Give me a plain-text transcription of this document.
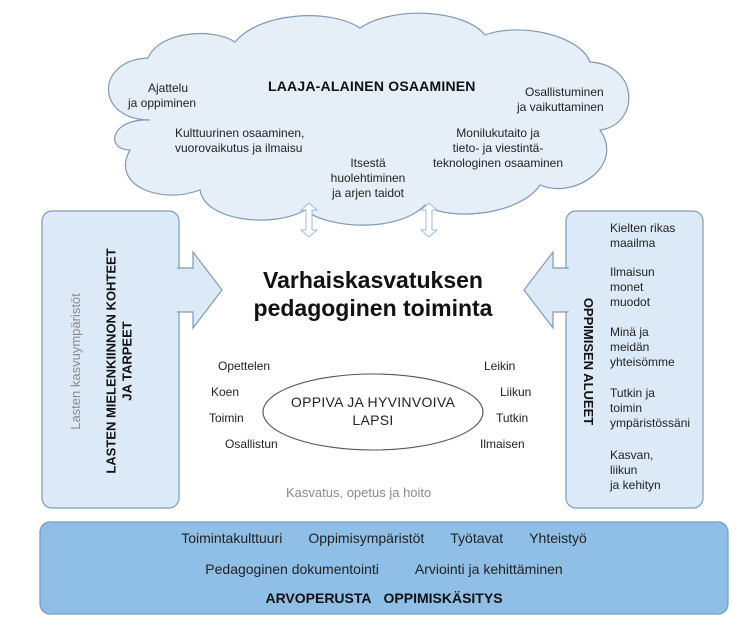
LAAJA-ALAINEN OSAAMINEN
Ajattelu
ja oppiminen
Osallistuminen
ja vaikuttaminen
Kulttuurinen osaaminen,
vuorovaikutus ja ilmaisu
Monilukutaito ja
tieto- ja viestintä-
teknologinen osaaminen
Itsestä
huolehtiminen
ja arjen taidot
Varhaiskasvatuksen
pedagoginen toiminta
OPPIVA JA HYVINVOIVA
LAPSI
Opettelen
Koen
Toimin
Osallistun
Leikin
Liikun
Tutkin
Ilmaisen
Kasvatus, opetus ja hoito
Lasten kasvuympäristöt LASTEN MIELENKIINNON KOHTEET JA TARPEET	OPPIMISEN ALUEET
Kielten rikas
maailma
Ilmaisun
monet
muodot
Minä ja
meidän
yhteisömme
Tutkin ja
toimin
ympäristössäni
Kasvan,
liikun
ja kehityn
Toimintakulttuuri Oppimisympäristöt Työtavat Yhteistyö
Pedagoginen dokumentointi	Arviointi ja kehittäminen
ARVOPERUSTA OPPIMISKÄSITYS
